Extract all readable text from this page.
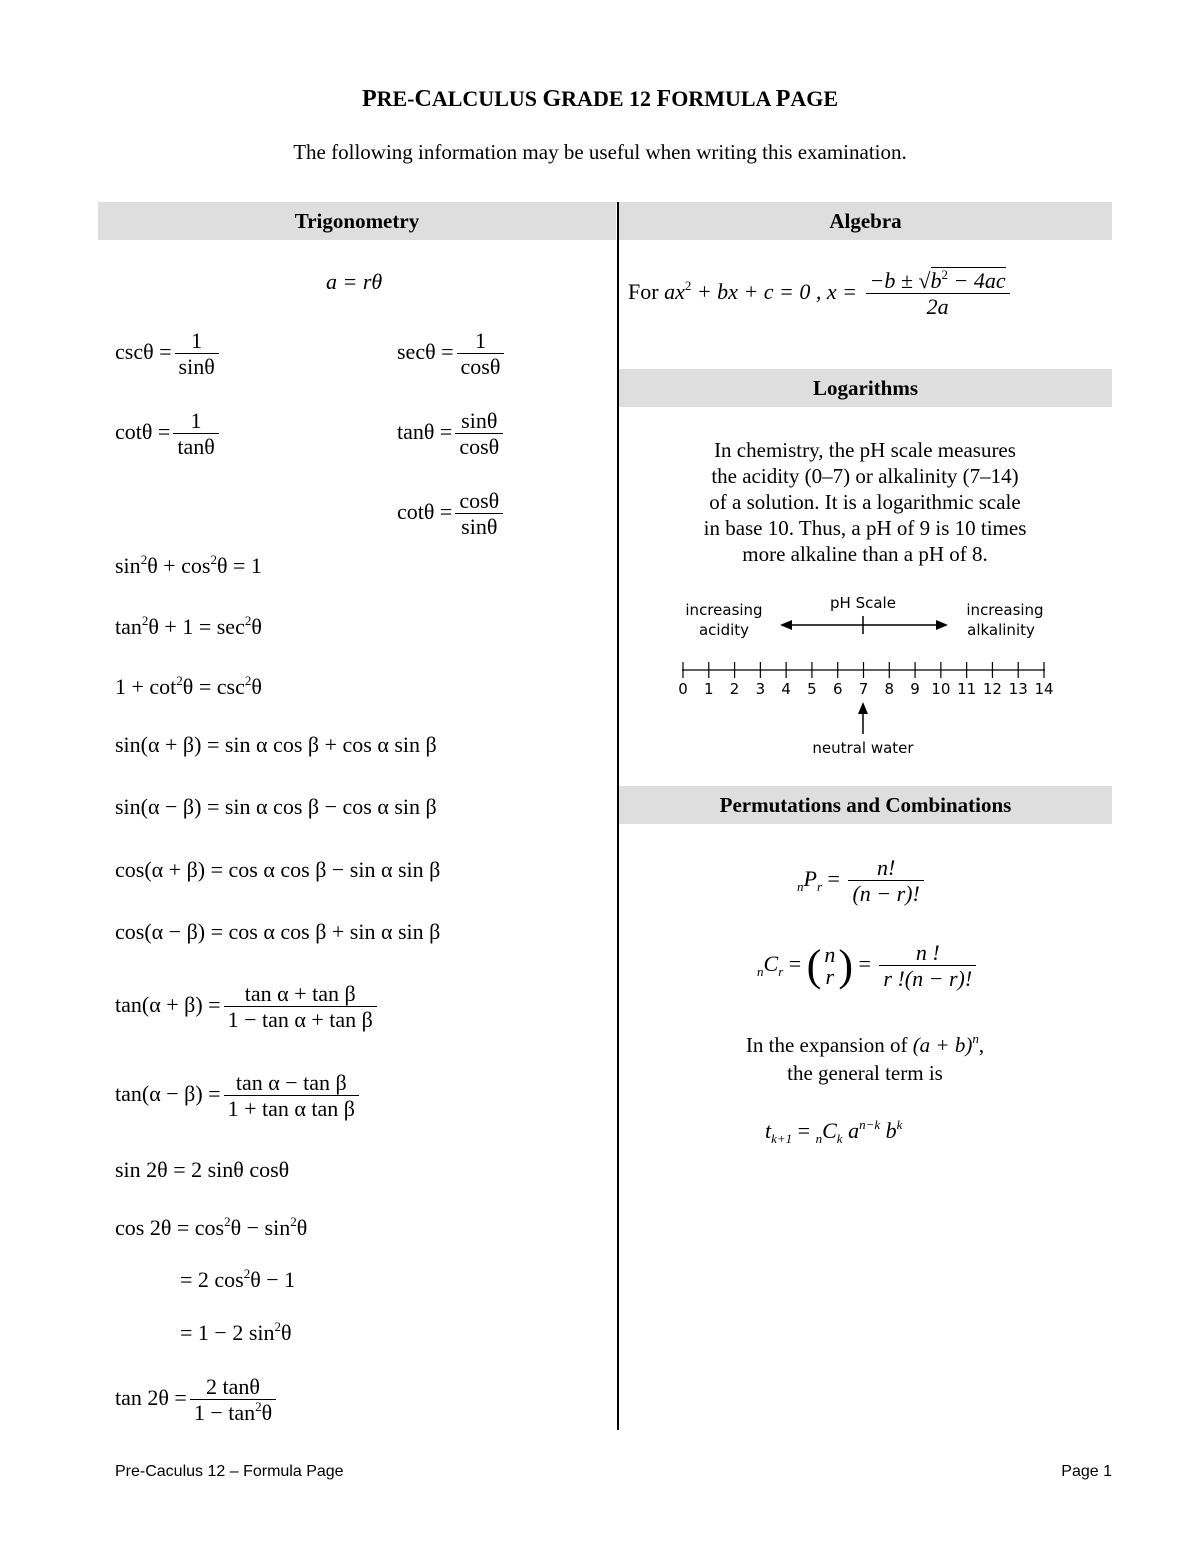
PRE-CALCULUS GRADE 12 FORMULA PAGE
The following information may be useful when writing this examination.
Trigonometry	Algebra
Logarithms
Permutations and Combinations
a = rθ
$\csc\theta = \frac{1}{\sin\theta}$	$\sec\theta = \frac{1}{\cos\theta}$
$\cot\theta = \frac{1}{\tan\theta}$	$\tan\theta = \frac{\sin\theta}{\cos\theta}$
$\cot\theta = \frac{\cos\theta}{\sin\theta}$
$\sin^2\theta + \cos^2\theta = 1$
$\tan^2\theta + 1 = \sec^2\theta$
$1 + \cot^2\theta = \csc^2\theta$
sin(α + β) = sin α cos β + cos α sin β
sin(α − β) = sin α cos β − cos α sin β
cos(α + β) = cos α cos β − sin α sin β
cos(α − β) = cos α cos β + sin α sin β
$\tan(\alpha + \beta) = \frac{\text{tan α + tan β}}{\text{1 − tan α + tan β}}$
$\tan(\alpha - \beta) = \frac{\text{tan α − tan β}}{\text{1 + tan α tan β}}$
sin 2θ = 2 sinθ cosθ
$\cos 2\theta = \cos^2\theta - \sin^2\theta$
= 2 $\cos^2\theta - 1$
= 1 − 2 $\sin^2\theta$
$\tan 2\theta = \frac{2 \tan\theta}{1 - \tan^2\theta}$
For $ax^2$ + bx + c = 0 , $x = \frac{-b \pm √b^2 - 4ac}{2a}$
In chemistry, the pH scale measures
the acidity (0–7) or alkalinity (7–14)
of a solution. It is a logarithmic scale
in base 10. Thus, a pH of 9 is 10 times
more alkaline than a pH of 8.
pH Scale
increasing
acidity
increasing
alkalinity
0 1 2 3 4 5 6 7 8 9 10 11 12 13 14
neutral water
$_nP_r = \frac{n!}{(n - r)!}$
$_nC_r$ = ( n
r ) = $\frac{n !}{r !(n - r)!}$
In the expansion of $(a + b)^n$,
the general term is
$t_{k+1} = _nC_k$ $a^{n-k}$ $b^k$
Pre-Caculus 12 – Formula Page	Page 1
